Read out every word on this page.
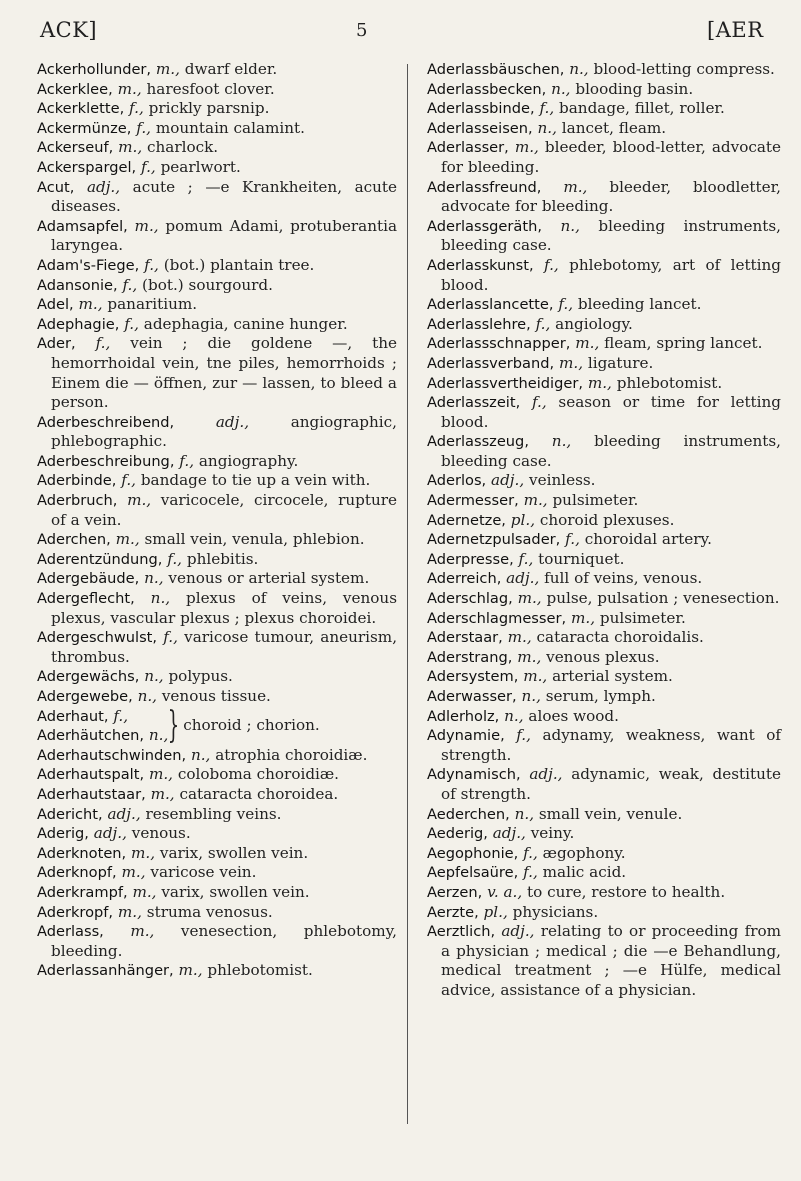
ACK]	5	[AER
Ackerhollunder, m., dwarf elder.
Ackerklee, m., haresfoot clover.
Ackerklette, f., prickly parsnip.
Ackermünze, f., mountain calamint.
Ackerseuf, m., charlock.
Ackerspargel, f., pearlwort.
Acut, adj., acute ; —e Krankheiten, acute diseases.
Adamsapfel, m., pomum Adami, protuberantia laryngea.
Adam's-Fiege, f., (bot.) plantain tree.
Adansonie, f., (bot.) sourgourd.
Adel, m., panaritium.
Adephagie, f., adephagia, canine hunger.
Ader, f., vein ; die goldene —, the hemorrhoidal vein, tne piles, hemorrhoids ; Einem die — öffnen, zur — lassen, to bleed a person.
Aderbeschreibend,	adj.,	angiographic, phlebographic.
Aderbeschreibung, f., angiography.
Aderbinde, f., bandage to tie up a vein with.
Aderbruch, m., varicocele, circocele, rupture of a vein.
Aderchen, m., small vein, venula, phlebion.
Aderentzündung, f., phlebitis.
Adergebäude, n., venous or arterial system.
Adergeflecht, n., plexus of veins, venous plexus, vascular plexus ; plexus choroidei.
Adergeschwulst, f., varicose tumour, aneurism, thrombus.
Adergewächs, n., polypus.
Adergewebe, n., venous tissue.
Aderhaut, f.,
Aderhäutchen, n., } choroid ; chorion.
Aderhautschwinden, n., atrophia choroidiæ.
Aderhautspalt, m., coloboma choroidiæ.
Aderhautstaar, m., cataracta choroidea.
Adericht, adj., resembling veins.
Aderig, adj., venous.
Aderknoten, m., varix, swollen vein.
Aderknopf, m., varicose vein.
Aderkrampf, m., varix, swollen vein.
Aderkropf, m., struma venosus.
Aderlass, m., venesection, phlebotomy, bleeding.
Aderlassanhänger, m., phlebotomist.
Aderlassbäuschen, n., blood-letting compress.
Aderlassbecken, n., blooding basin.
Aderlassbinde, f., bandage, fillet, roller.
Aderlasseisen, n., lancet, fleam.
Aderlasser, m., bleeder, blood-letter, advocate for bleeding.
Aderlassfreund, m., bleeder, bloodletter, advocate for bleeding.
Aderlassgeräth, n., bleeding instruments, bleeding case.
Aderlasskunst, f., phlebotomy, art of letting blood.
Aderlasslancette, f., bleeding lancet.
Aderlasslehre, f., angiology.
Aderlassschnapper, m., fleam, spring lancet.
Aderlassverband, m., ligature.
Aderlassvertheidiger, m., phlebotomist.
Aderlasszeit, f., season or time for letting blood.
Aderlasszeug, n., bleeding instruments, bleeding case.
Aderlos, adj., veinless.
Adermesser, m., pulsimeter.
Adernetze, pl., choroid plexuses.
Adernetzpulsader, f., choroidal artery.
Aderpresse, f., tourniquet.
Aderreich, adj., full of veins, venous.
Aderschlag, m., pulse, pulsation ; venesection.
Aderschlagmesser, m., pulsimeter.
Aderstaar, m., cataracta choroidalis.
Aderstrang, m., venous plexus.
Adersystem, m., arterial system.
Aderwasser, n., serum, lymph.
Adlerholz, n., aloes wood.
Adynamie, f., adynamy, weakness, want of strength.
Adynamisch, adj., adynamic, weak, destitute of strength.
Aederchen, n., small vein, venule.
Aederig, adj., veiny.
Aegophonie, f., ægophony.
Aepfelsaüre, f., malic acid.
Aerzen, v. a., to cure, restore to health.
Aerzte, pl., physicians.
Aerztlich, adj., relating to or proceeding from a physician ; medical ; die —e Behandlung, medical treatment ; —e Hülfe, medical advice, assistance of a physician.
